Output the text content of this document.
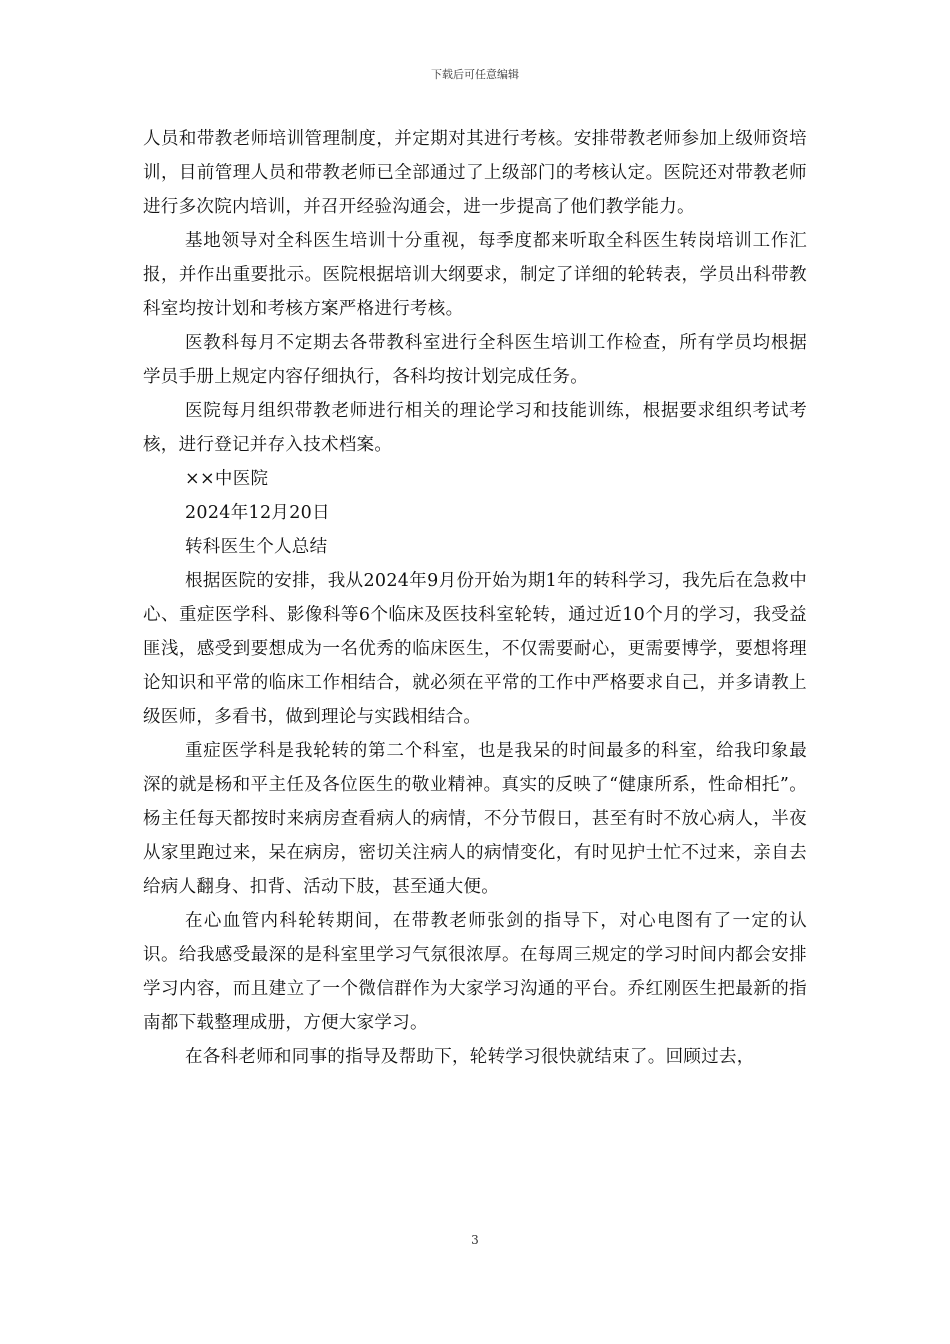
下载后可任意编辑

人员和带教老师培训管理制度，并定期对其进行考核。安排带教老师参加上级师资培训，目前管理人员和带教老师已全部通过了上级部门的考核认定。医院还对带教老师进行多次院内培训，并召开经验沟通会，进一步提高了他们教学能力。

基地领导对全科医生培训十分重视，每季度都来听取全科医生转岗培训工作汇报，并作出重要批示。医院根据培训大纲要求，制定了详细的轮转表，学员出科带教科室均按计划和考核方案严格进行考核。

医教科每月不定期去各带教科室进行全科医生培训工作检查，所有学员均根据学员手册上规定内容仔细执行，各科均按计划完成任务。

医院每月组织带教老师进行相关的理论学习和技能训练，根据要求组织考试考核，进行登记并存入技术档案。

××中医院

2024年12月20日

转科医生个人总结

根据医院的安排，我从2024年9月份开始为期1年的转科学习，我先后在急救中心、重症医学科、影像科等6个临床及医技科室轮转，通过近10个月的学习，我受益匪浅，感受到要想成为一名优秀的临床医生，不仅需要耐心，更需要博学，要想将理论知识和平常的临床工作相结合，就必须在平常的工作中严格要求自己，并多请教上级医师，多看书，做到理论与实践相结合。

重症医学科是我轮转的第二个科室，也是我呆的时间最多的科室，给我印象最深的就是杨和平主任及各位医生的敬业精神。真实的反映了“健康所系，性命相托”。杨主任每天都按时来病房查看病人的病情，不分节假日，甚至有时不放心病人，半夜从家里跑过来，呆在病房，密切关注病人的病情变化，有时见护士忙不过来，亲自去给病人翻身、扣背、活动下肢，甚至通大便。

在心血管内科轮转期间，在带教老师张剑的指导下，对心电图有了一定的认识。给我感受最深的是科室里学习气氛很浓厚。在每周三规定的学习时间内都会安排学习内容，而且建立了一个微信群作为大家学习沟通的平台。乔红刚医生把最新的指南都下载整理成册，方便大家学习。

在各科老师和同事的指导及帮助下，轮转学习很快就结束了。回顾过去，

3
